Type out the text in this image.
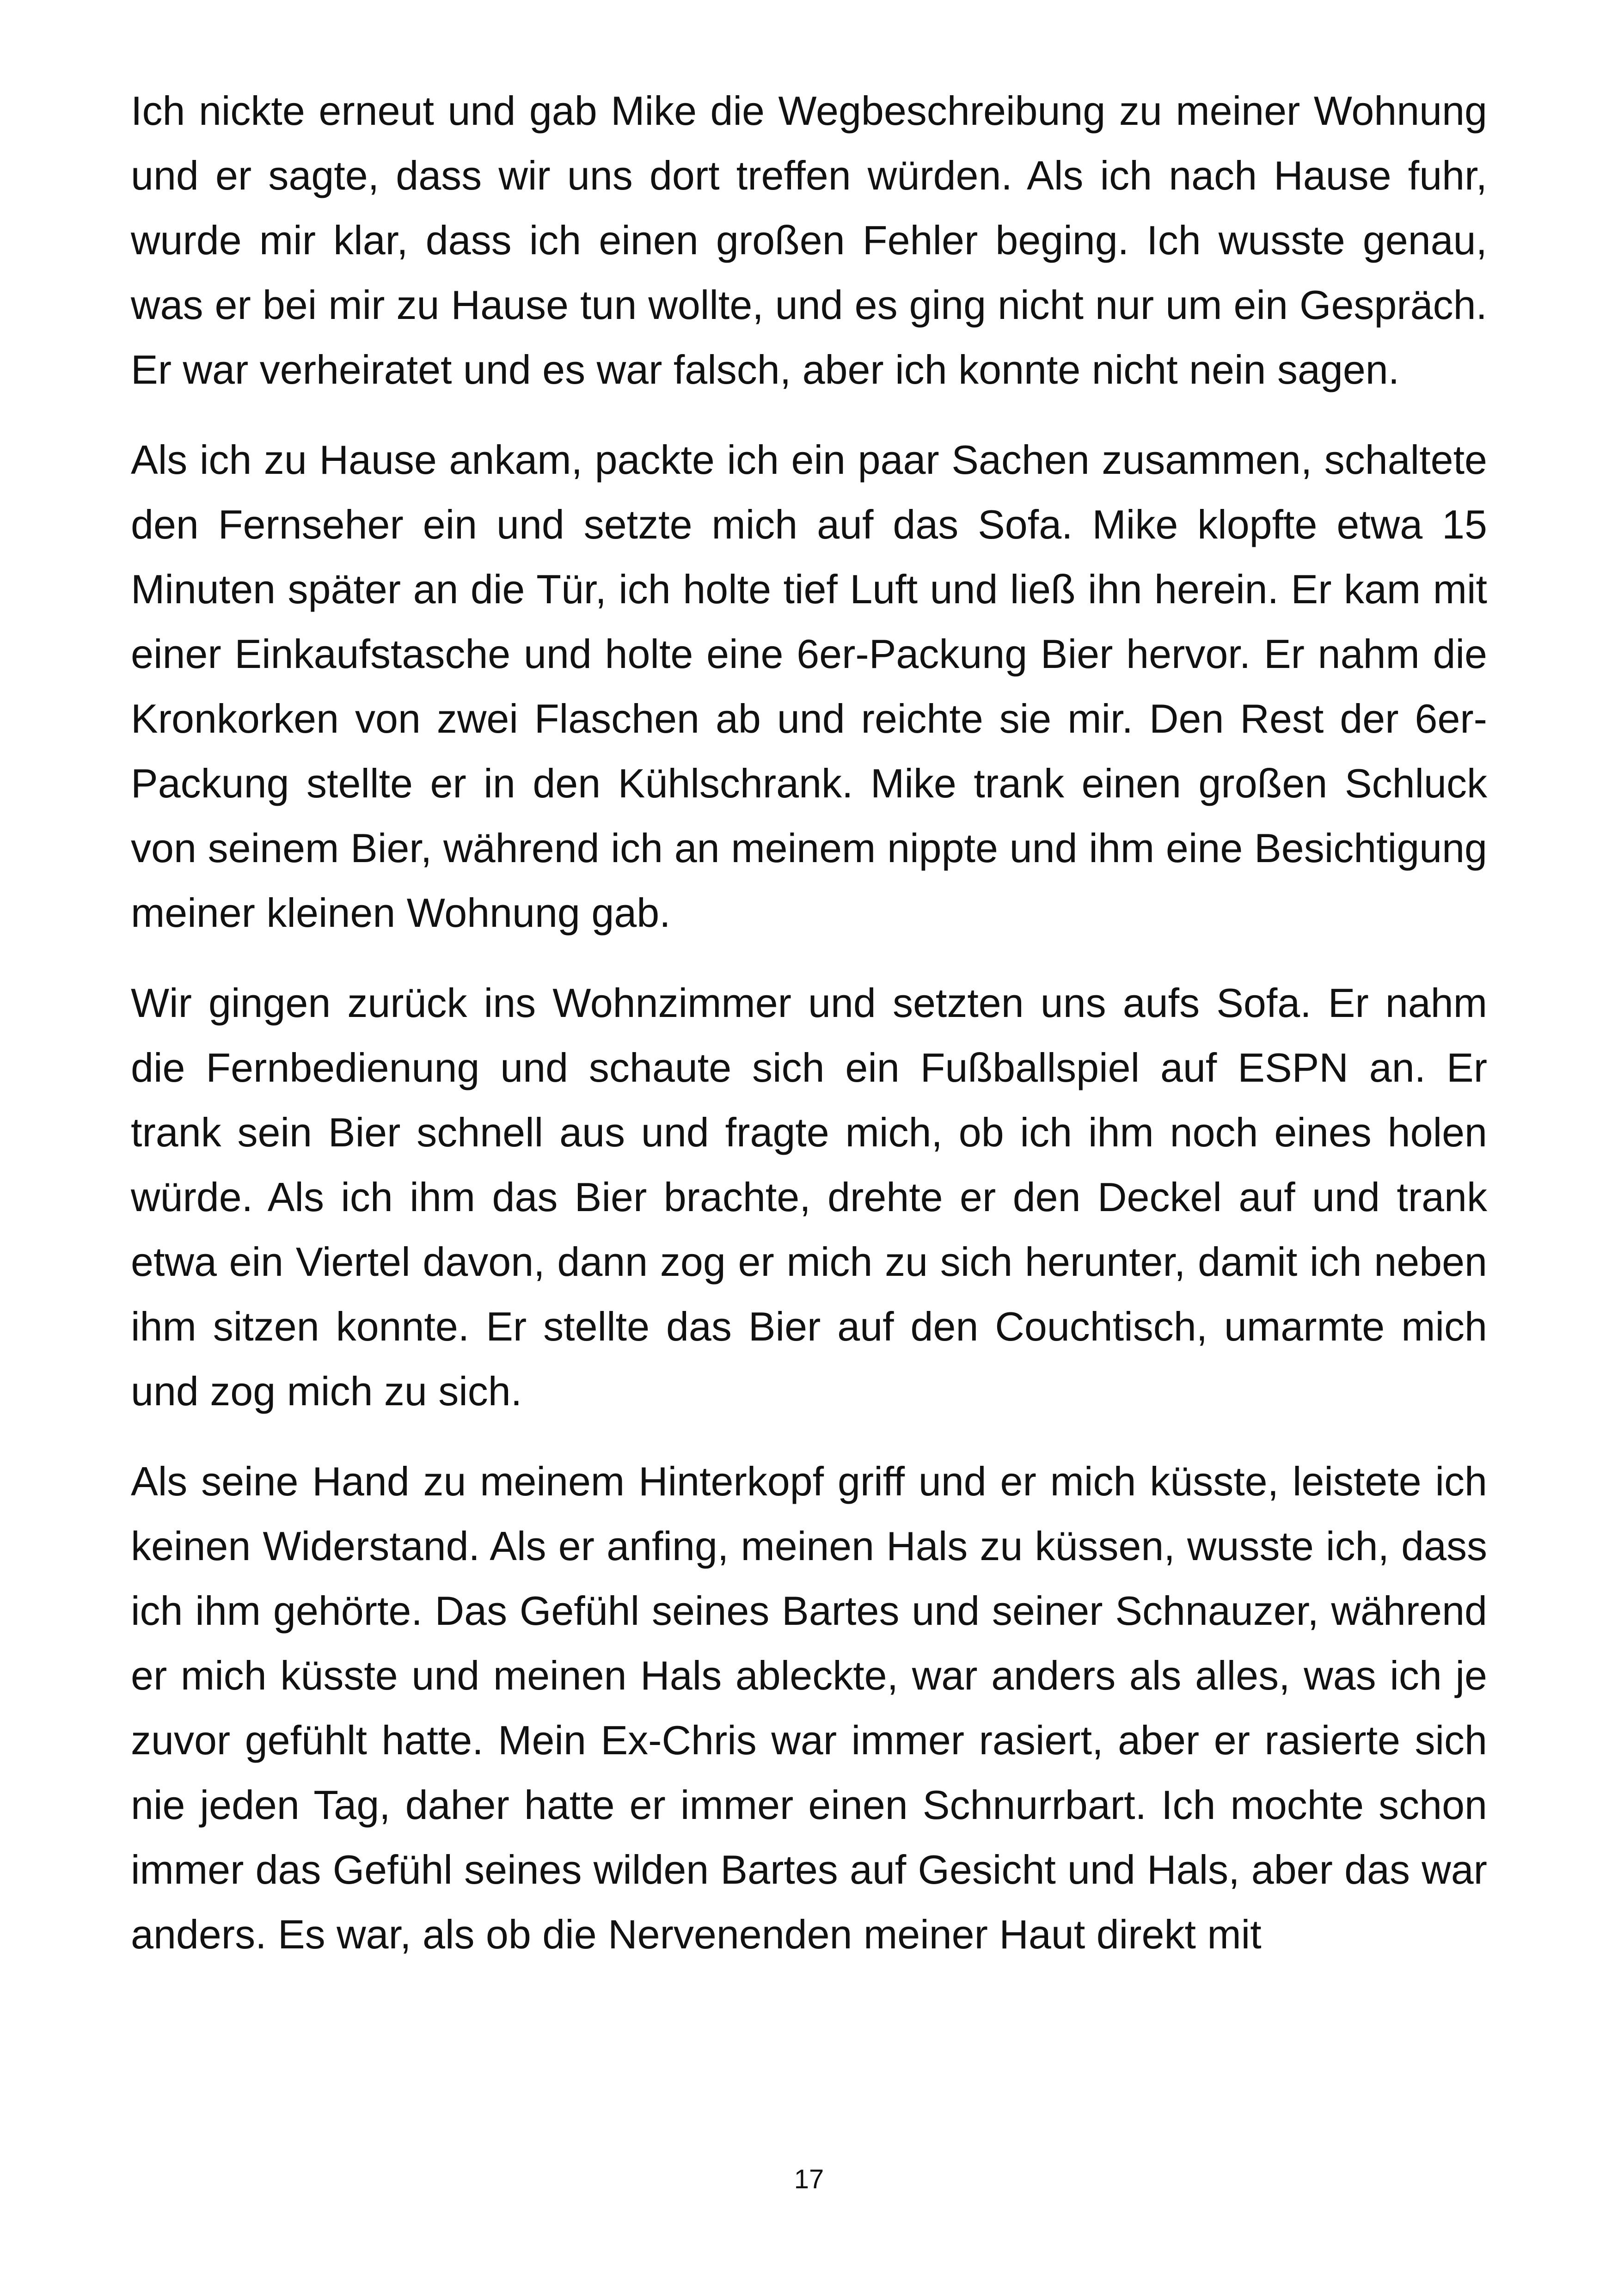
Ich nickte erneut und gab Mike die Wegbeschreibung zu meiner Wohnung und er sagte, dass wir uns dort treffen würden. Als ich nach Hause fuhr, wurde mir klar, dass ich einen großen Fehler beging. Ich wusste genau, was er bei mir zu Hause tun wollte, und es ging nicht nur um ein Gespräch. Er war verheiratet und es war falsch, aber ich konnte nicht nein sagen.

Als ich zu Hause ankam, packte ich ein paar Sachen zusammen, schaltete den Fernseher ein und setzte mich auf das Sofa. Mike klopfte etwa 15 Minuten später an die Tür, ich holte tief Luft und ließ ihn herein. Er kam mit einer Einkaufstasche und holte eine 6er-Packung Bier hervor. Er nahm die Kronkorken von zwei Flaschen ab und reichte sie mir. Den Rest der 6er-Packung stellte er in den Kühlschrank. Mike trank einen großen Schluck von seinem Bier, während ich an meinem nippte und ihm eine Besichtigung meiner kleinen Wohnung gab.

Wir gingen zurück ins Wohnzimmer und setzten uns aufs Sofa. Er nahm die Fernbedienung und schaute sich ein Fußballspiel auf ESPN an. Er trank sein Bier schnell aus und fragte mich, ob ich ihm noch eines holen würde. Als ich ihm das Bier brachte, drehte er den Deckel auf und trank etwa ein Viertel davon, dann zog er mich zu sich herunter, damit ich neben ihm sitzen konnte. Er stellte das Bier auf den Couchtisch, umarmte mich und zog mich zu sich.

Als seine Hand zu meinem Hinterkopf griff und er mich küsste, leistete ich keinen Widerstand. Als er anfing, meinen Hals zu küssen, wusste ich, dass ich ihm gehörte. Das Gefühl seines Bartes und seiner Schnauzer, während er mich küsste und meinen Hals ableckte, war anders als alles, was ich je zuvor gefühlt hatte. Mein Ex-Chris war immer rasiert, aber er rasierte sich nie jeden Tag, daher hatte er immer einen Schnurrbart. Ich mochte schon immer das Gefühl seines wilden Bartes auf Gesicht und Hals, aber das war anders. Es war, als ob die Nervenenden meiner Haut direkt mit

17
